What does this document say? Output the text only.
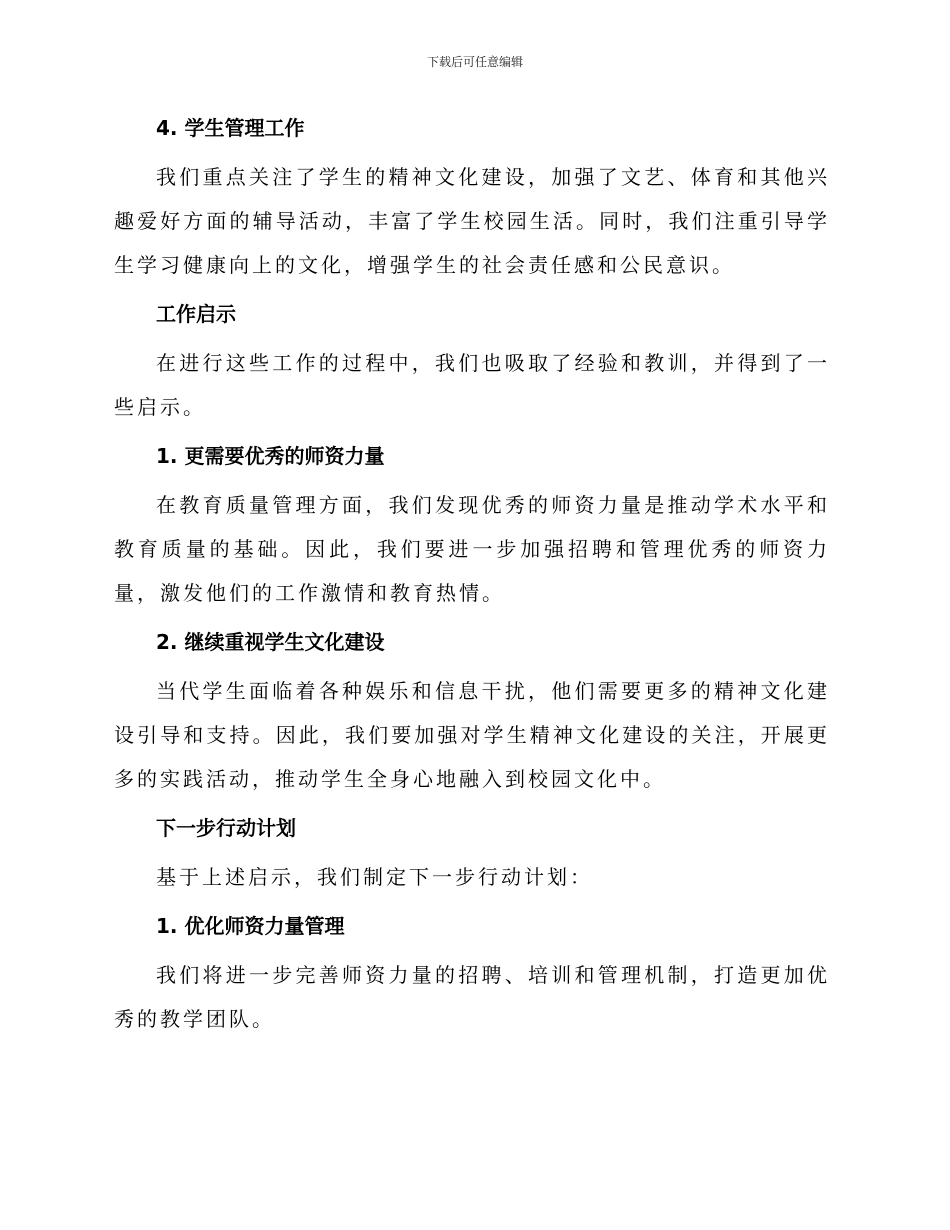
下载后可任意编辑
4. 学生管理工作
我们重点关注了学生的精神文化建设，加强了文艺、体育和其他兴趣爱好方面的辅导活动，丰富了学生校园生活。同时，我们注重引导学生学习健康向上的文化，增强学生的社会责任感和公民意识。
工作启示
在进行这些工作的过程中，我们也吸取了经验和教训，并得到了一些启示。
1. 更需要优秀的师资力量
在教育质量管理方面，我们发现优秀的师资力量是推动学术水平和教育质量的基础。因此，我们要进一步加强招聘和管理优秀的师资力量，激发他们的工作激情和教育热情。
2. 继续重视学生文化建设
当代学生面临着各种娱乐和信息干扰，他们需要更多的精神文化建设引导和支持。因此，我们要加强对学生精神文化建设的关注，开展更多的实践活动，推动学生全身心地融入到校园文化中。
下一步行动计划
基于上述启示，我们制定下一步行动计划：
1. 优化师资力量管理
我们将进一步完善师资力量的招聘、培训和管理机制，打造更加优秀的教学团队。
